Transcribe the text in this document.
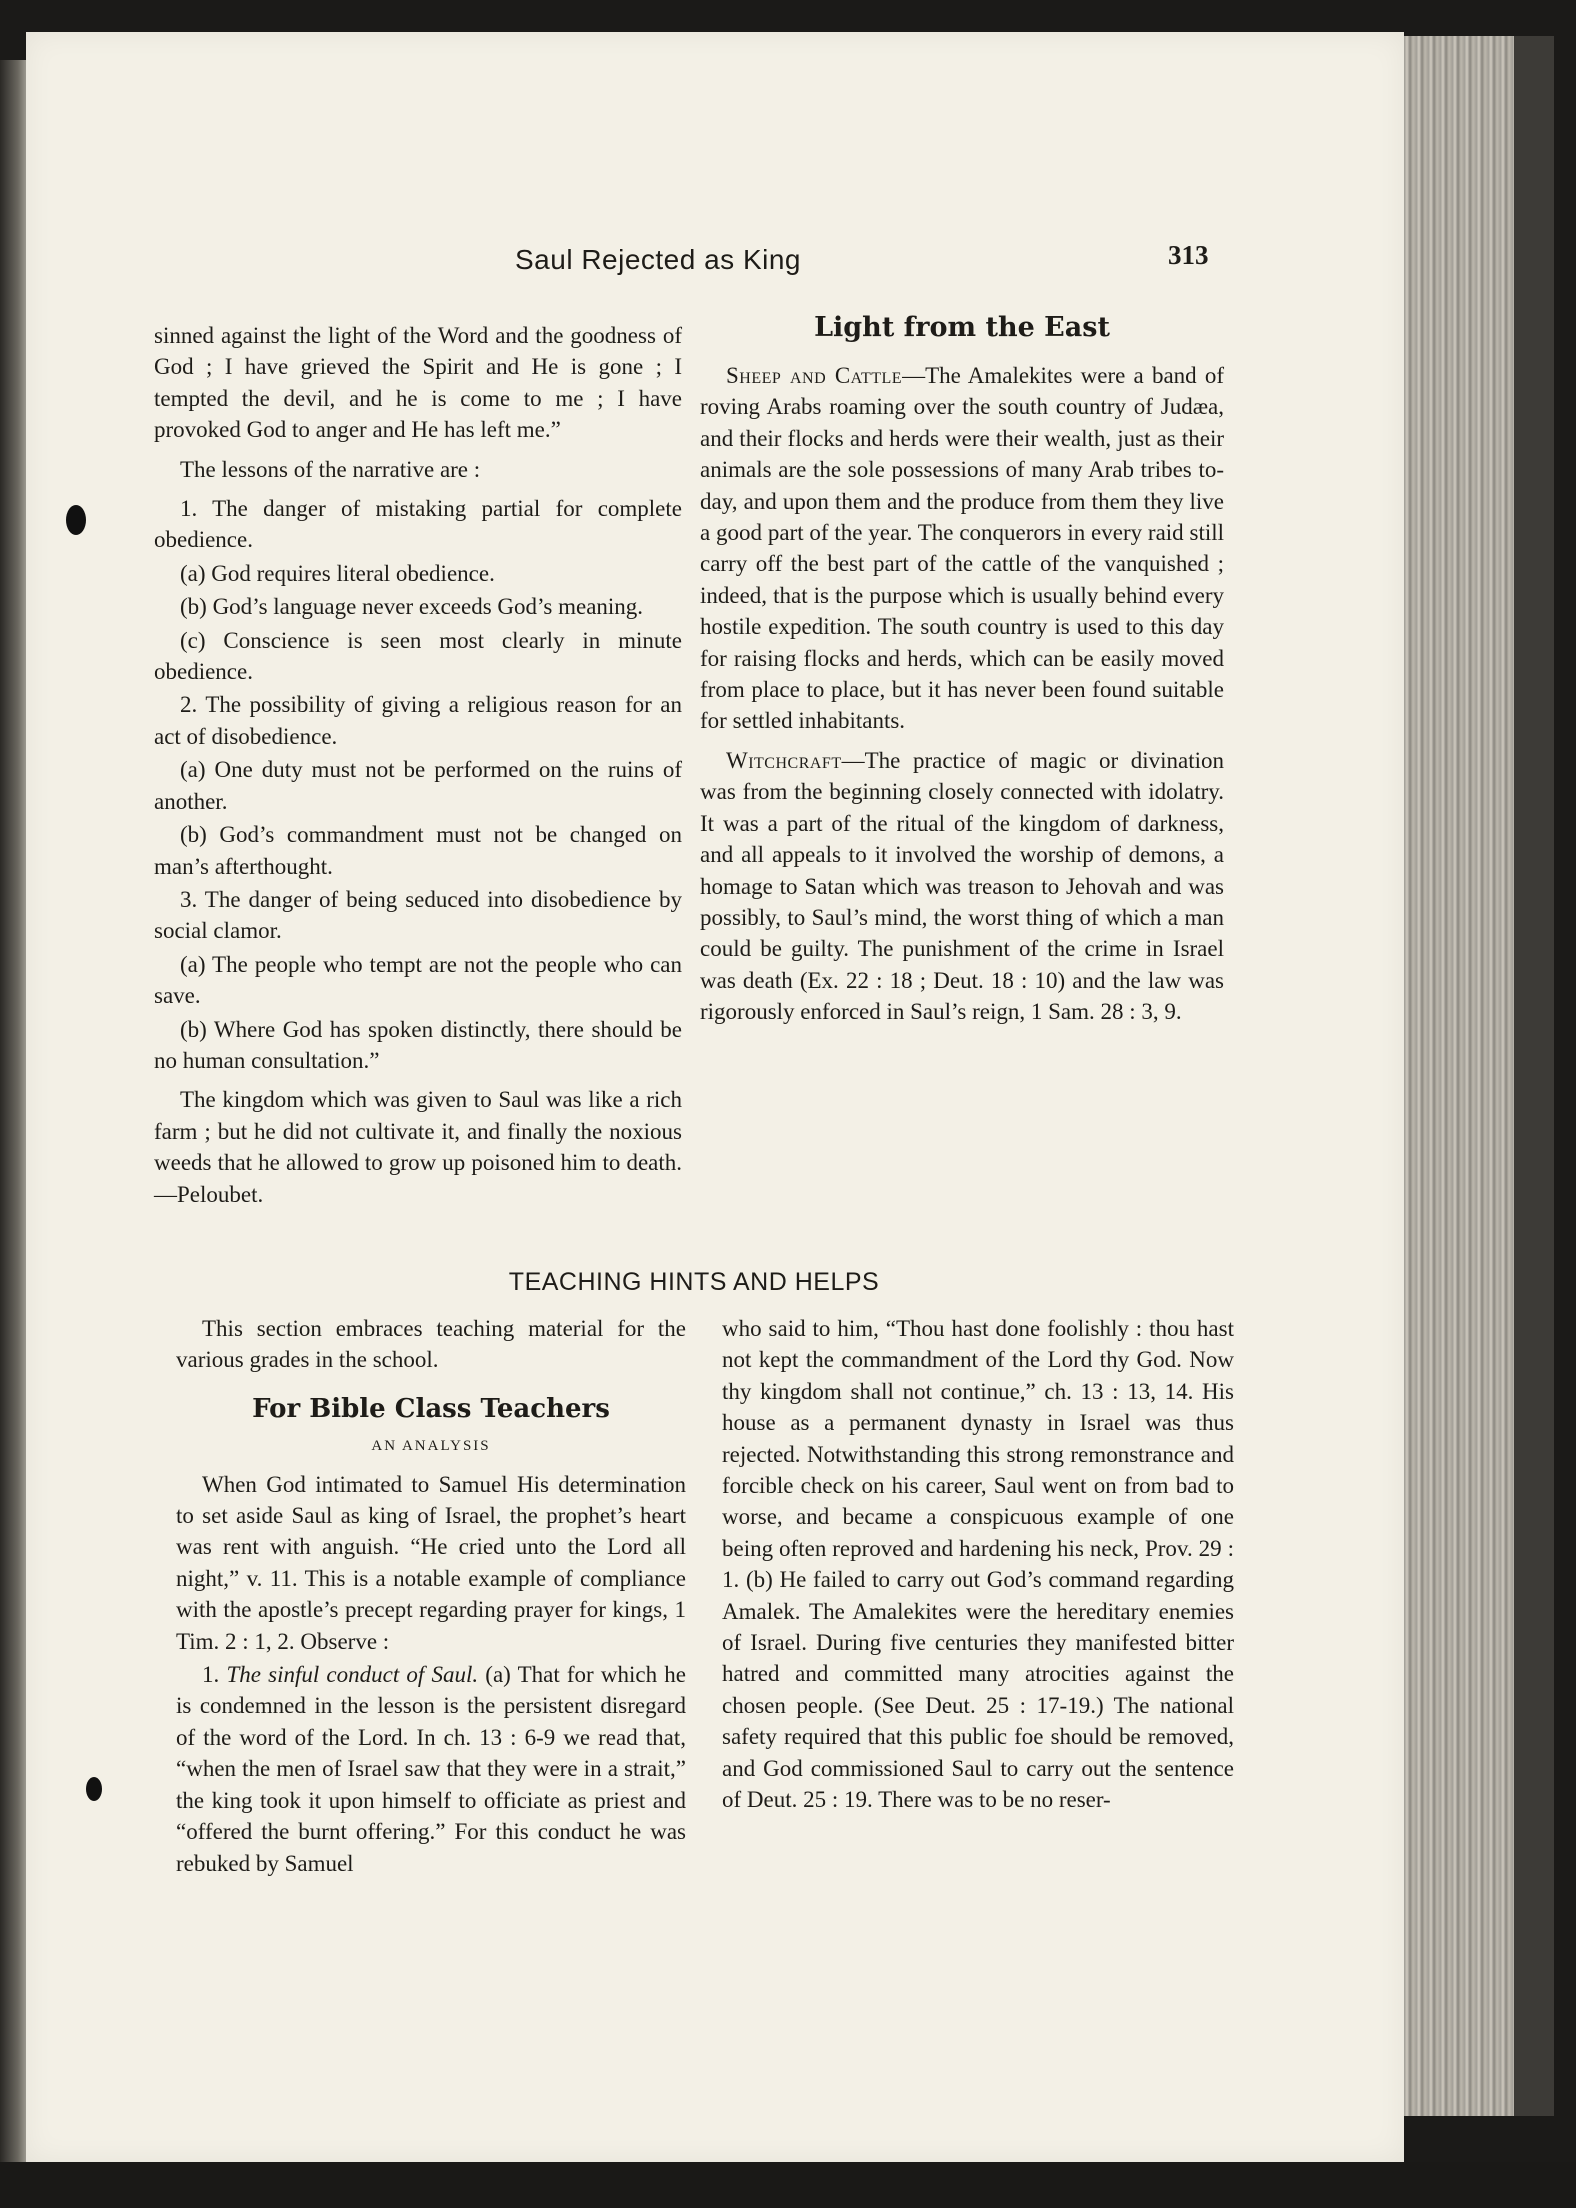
Saul Rejected as King	313

sinned against the light of the Word and the goodness of God ; I have grieved the Spirit and He is gone ; I tempted the devil, and he is come to me ; I have provoked God to anger and He has left me.”

The lessons of the narrative are :

1. The danger of mistaking partial for complete obedience.

(a) God requires literal obedience.

(b) God’s language never exceeds God’s meaning.

(c) Conscience is seen most clearly in minute obedience.

2. The possibility of giving a religious reason for an act of disobedience.

(a) One duty must not be performed on the ruins of another.

(b) God’s commandment must not be changed on man’s afterthought.

3. The danger of being seduced into disobedience by social clamor.

(a) The people who tempt are not the people who can save.

(b) Where God has spoken distinctly, there should be no human consultation.”

The kingdom which was given to Saul was like a rich farm ; but he did not cultivate it, and finally the noxious weeds that he allowed to grow up poisoned him to death.—Peloubet.

Light from the East

Sheep and Cattle—The Amalekites were a band of roving Arabs roaming over the south country of Judæa, and their flocks and herds were their wealth, just as their animals are the sole possessions of many Arab tribes to-day, and upon them and the produce from them they live a good part of the year. The conquerors in every raid still carry off the best part of the cattle of the vanquished ; indeed, that is the purpose which is usually behind every hostile expedition. The south country is used to this day for raising flocks and herds, which can be easily moved from place to place, but it has never been found suitable for settled inhabitants.

Witchcraft—The practice of magic or divination was from the beginning closely connected with idolatry. It was a part of the ritual of the kingdom of darkness, and all appeals to it involved the worship of demons, a homage to Satan which was treason to Jehovah and was possibly, to Saul’s mind, the worst thing of which a man could be guilty. The punishment of the crime in Israel was death (Ex. 22 : 18 ; Deut. 18 : 10) and the law was rigorously enforced in Saul’s reign, 1 Sam. 28 : 3, 9.

TEACHING HINTS AND HELPS

This section embraces teaching material for the various grades in the school.

For Bible Class Teachers
AN ANALYSIS

When God intimated to Samuel His determination to set aside Saul as king of Israel, the prophet’s heart was rent with anguish. “He cried unto the Lord all night,” v. 11. This is a notable example of compliance with the apostle’s precept regarding prayer for kings, 1 Tim. 2 : 1, 2. Observe :

1. The sinful conduct of Saul. (a) That for which he is condemned in the lesson is the persistent disregard of the word of the Lord. In ch. 13 : 6-9 we read that, “when the men of Israel saw that they were in a strait,” the king took it upon himself to officiate as priest and “offered the burnt offering.” For this conduct he was rebuked by Samuel

who said to him, “Thou hast done foolishly : thou hast not kept the commandment of the Lord thy God. Now thy kingdom shall not continue,” ch. 13 : 13, 14. His house as a permanent dynasty in Israel was thus rejected. Notwithstanding this strong remonstrance and forcible check on his career, Saul went on from bad to worse, and became a conspicuous example of one being often reproved and hardening his neck, Prov. 29 : 1. (b) He failed to carry out God’s command regarding Amalek. The Amalekites were the hereditary enemies of Israel. During five centuries they manifested bitter hatred and committed many atrocities against the chosen people. (See Deut. 25 : 17-19.) The national safety required that this public foe should be removed, and God commissioned Saul to carry out the sentence of Deut. 25 : 19. There was to be no reser-
